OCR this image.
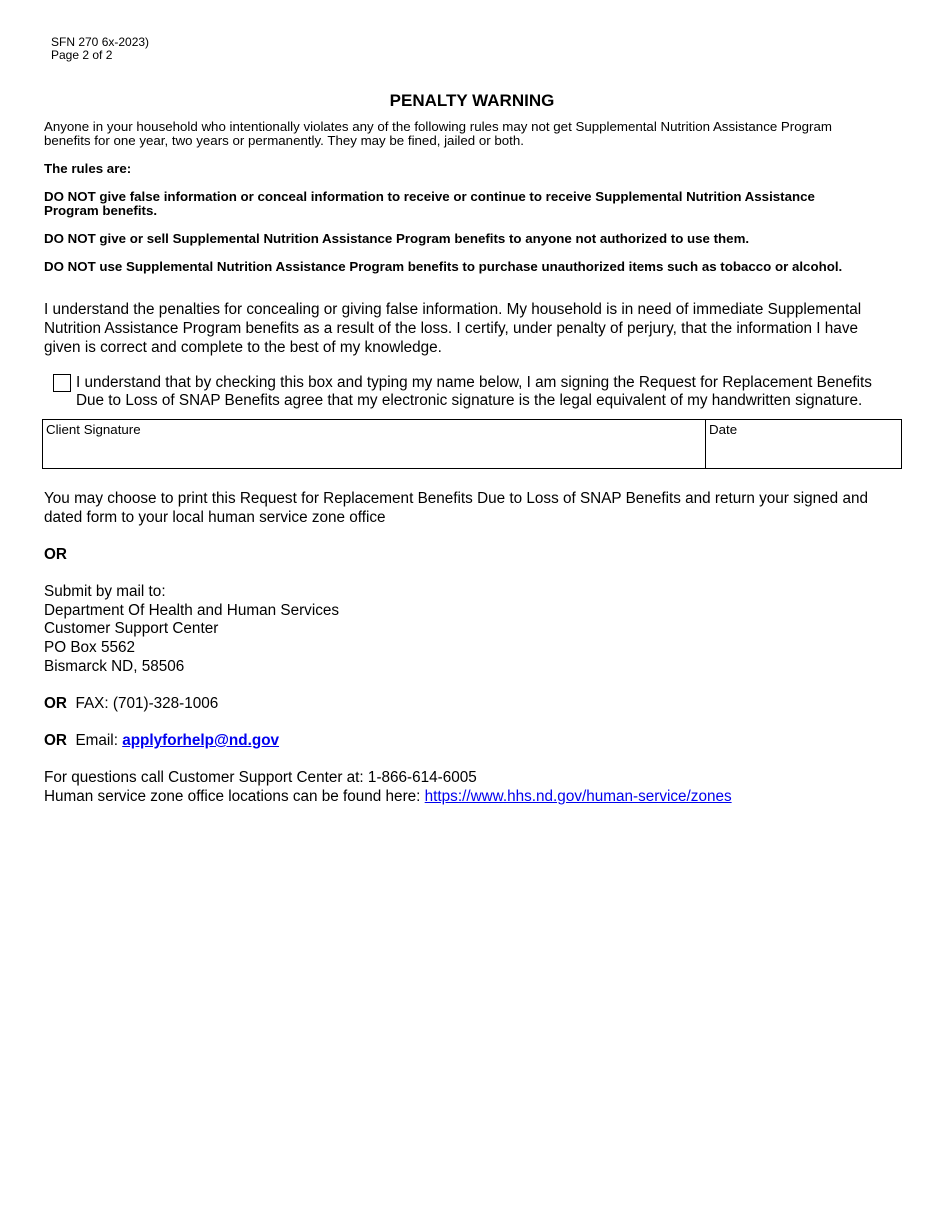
SFN 270 6x-2023)
Page 2 of 2
PENALTY WARNING
Anyone in your household who intentionally violates any of the following rules may not get Supplemental Nutrition Assistance Program
benefits for one year, two years or permanently. They may be fined, jailed or both.
The rules are:
DO NOT give false information or conceal information to receive or continue to receive Supplemental Nutrition Assistance
Program benefits.
DO NOT give or sell Supplemental Nutrition Assistance Program benefits to anyone not authorized to use them.
DO NOT use Supplemental Nutrition Assistance Program benefits to purchase unauthorized items such as tobacco or alcohol.
I understand the penalties for concealing or giving false information. My household is in need of immediate Supplemental
Nutrition Assistance Program benefits as a result of the loss. I certify, under penalty of perjury, that the information I have
given is correct and complete to the best of my knowledge.
I understand that by checking this box and typing my name below, I am signing the Request for Replacement Benefits
Due to Loss of SNAP Benefits agree that my electronic signature is the legal equivalent of my handwritten signature.
Client Signature	Date
You may choose to print this Request for Replacement Benefits Due to Loss of SNAP Benefits and return your signed and
dated form to your local human service zone office
OR
Submit by mail to:
Department Of Health and Human Services
Customer Support Center
PO Box 5562
Bismarck ND, 58506
OR FAX: (701)-328-1006
OR Email: applyforhelp@nd.gov
For questions call Customer Support Center at: 1-866-614-6005
Human service zone office locations can be found here: https://www.hhs.nd.gov/human-service/zones
